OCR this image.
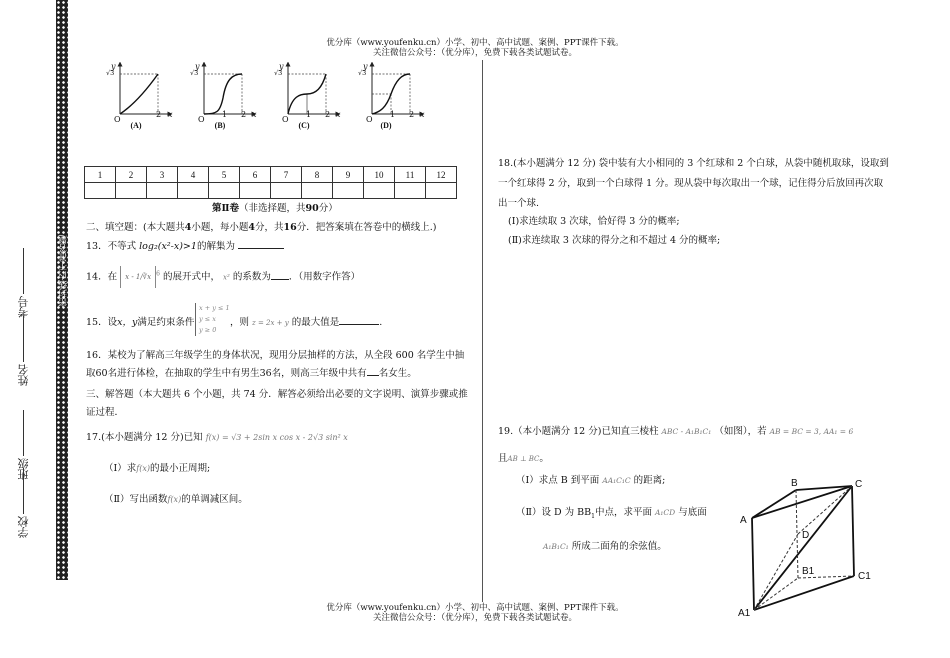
优分库（www.youfenku.cn）小学、初中、高中试题、案例、PPT课件下载。
关注微信公众号：（优分库），免费下载各类试题试卷。
密封线内不准答题
考号
姓名
班级
学校
y	y	y	y
√3	√3	√3	√3
O	O	O	O
2 x	1 2 x	1 2 x	1 2 x
(A)	(B)	(C)	(D)
1	2	3	4	5	6	7	8	9	10	11	12

第Ⅱ卷（非选择题，共90分）
二、填空题：(本大题共4小题，每小题4分，共16分．把答案填在答卷中的横线上.)
13．不等式 log₂(x²-x)>1的解集为
14．在 x - 1/∛x $^6$ 的展开式中， x² 的系数为 ．（用数字作答）
15．设x，y满足约束条件
x + y ≤ 1
y ≤ x
y ≥ 0
，则 z = 2x + y 的最大值是	.
16．某校为了解高三年级学生的身体状况，现用分层抽样的方法，从全段 600 名学生中抽
取60名进行体检，在抽取的学生中有男生36名，则高三年级中共有 名女生。
三、解答题（本大题共 6 个小题，共 74 分．解答必须给出必要的文字说明、演算步骤或推
证过程．
17.(本小题满分 12 分)已知 f(x) = √3 + 2sin x cos x - 2√3 sin² x
（Ⅰ）求f(x)的最小正周期;
（Ⅱ）写出函数f(x)的单调减区间。
18.(本小题满分 12 分) 袋中装有大小相同的 3 个红球和 2 个白球，从袋中随机取球，设取到
一个红球得 2 分，取到一个白球得 1 分。现从袋中每次取出一个球，记住得分后放回再次取
出一个球.
(Ⅰ)求连续取 3 次球，恰好得 3 分的概率;
(Ⅱ)求连续取 3 次球的得分之和不超过 4 分的概率;
19.（本小题满分 12 分)已知直三棱柱 ABC - A₁B₁C₁ （如图），若 AB = BC = 3, AA₁ = 6
且AB ⊥ BC。
（Ⅰ）求点 B 到平面 AA₁C₁C 的距离;
（Ⅱ）设 D 为 $BB_1$中点，求平面 A₁CD 与底面
A₁B₁C₁ 所成二面角的余弦值。
B	C
A
D
B1	C1
A1
优分库（www.youfenku.cn）小学、初中、高中试题、案例、PPT课件下载。
关注微信公众号：（优分库），免费下载各类试题试卷。
